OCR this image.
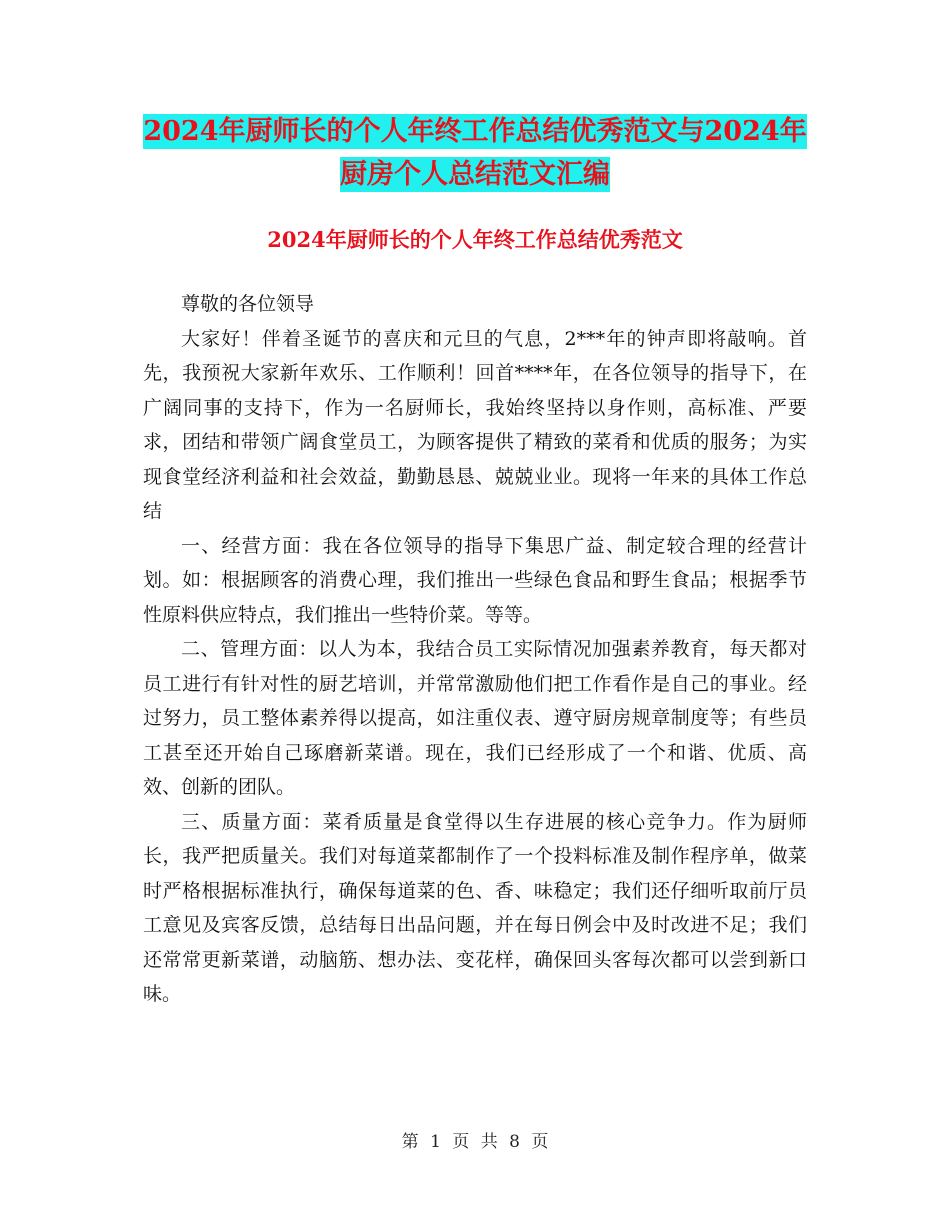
2024年厨师长的个人年终工作总结优秀范文与2024年
厨房个人总结范文汇编
2024年厨师长的个人年终工作总结优秀范文

尊敬的各位领导

大家好！伴着圣诞节的喜庆和元旦的气息，2***年的钟声即将敲响。首先，我预祝大家新年欢乐、工作顺利！回首****年，在各位领导的指导下，在广阔同事的支持下，作为一名厨师长，我始终坚持以身作则，高标准、严要求，团结和带领广阔食堂员工，为顾客提供了精致的菜肴和优质的服务；为实现食堂经济利益和社会效益，勤勤恳恳、兢兢业业。现将一年来的具体工作总结

一、经营方面：我在各位领导的指导下集思广益、制定较合理的经营计划。如：根据顾客的消费心理，我们推出一些绿色食品和野生食品；根据季节性原料供应特点，我们推出一些特价菜。等等。

二、管理方面：以人为本，我结合员工实际情况加强素养教育，每天都对员工进行有针对性的厨艺培训，并常常激励他们把工作看作是自己的事业。经过努力，员工整体素养得以提高，如注重仪表、遵守厨房规章制度等；有些员工甚至还开始自己琢磨新菜谱。现在，我们已经形成了一个和谐、优质、高效、创新的团队。

三、质量方面：菜肴质量是食堂得以生存进展的核心竞争力。作为厨师长，我严把质量关。我们对每道菜都制作了一个投料标准及制作程序单，做菜时严格根据标准执行，确保每道菜的色、香、味稳定；我们还仔细听取前厅员工意见及宾客反馈，总结每日出品问题，并在每日例会中及时改进不足；我们还常常更新菜谱，动脑筋、想办法、变花样，确保回头客每次都可以尝到新口味。

第 1 页 共 8 页
